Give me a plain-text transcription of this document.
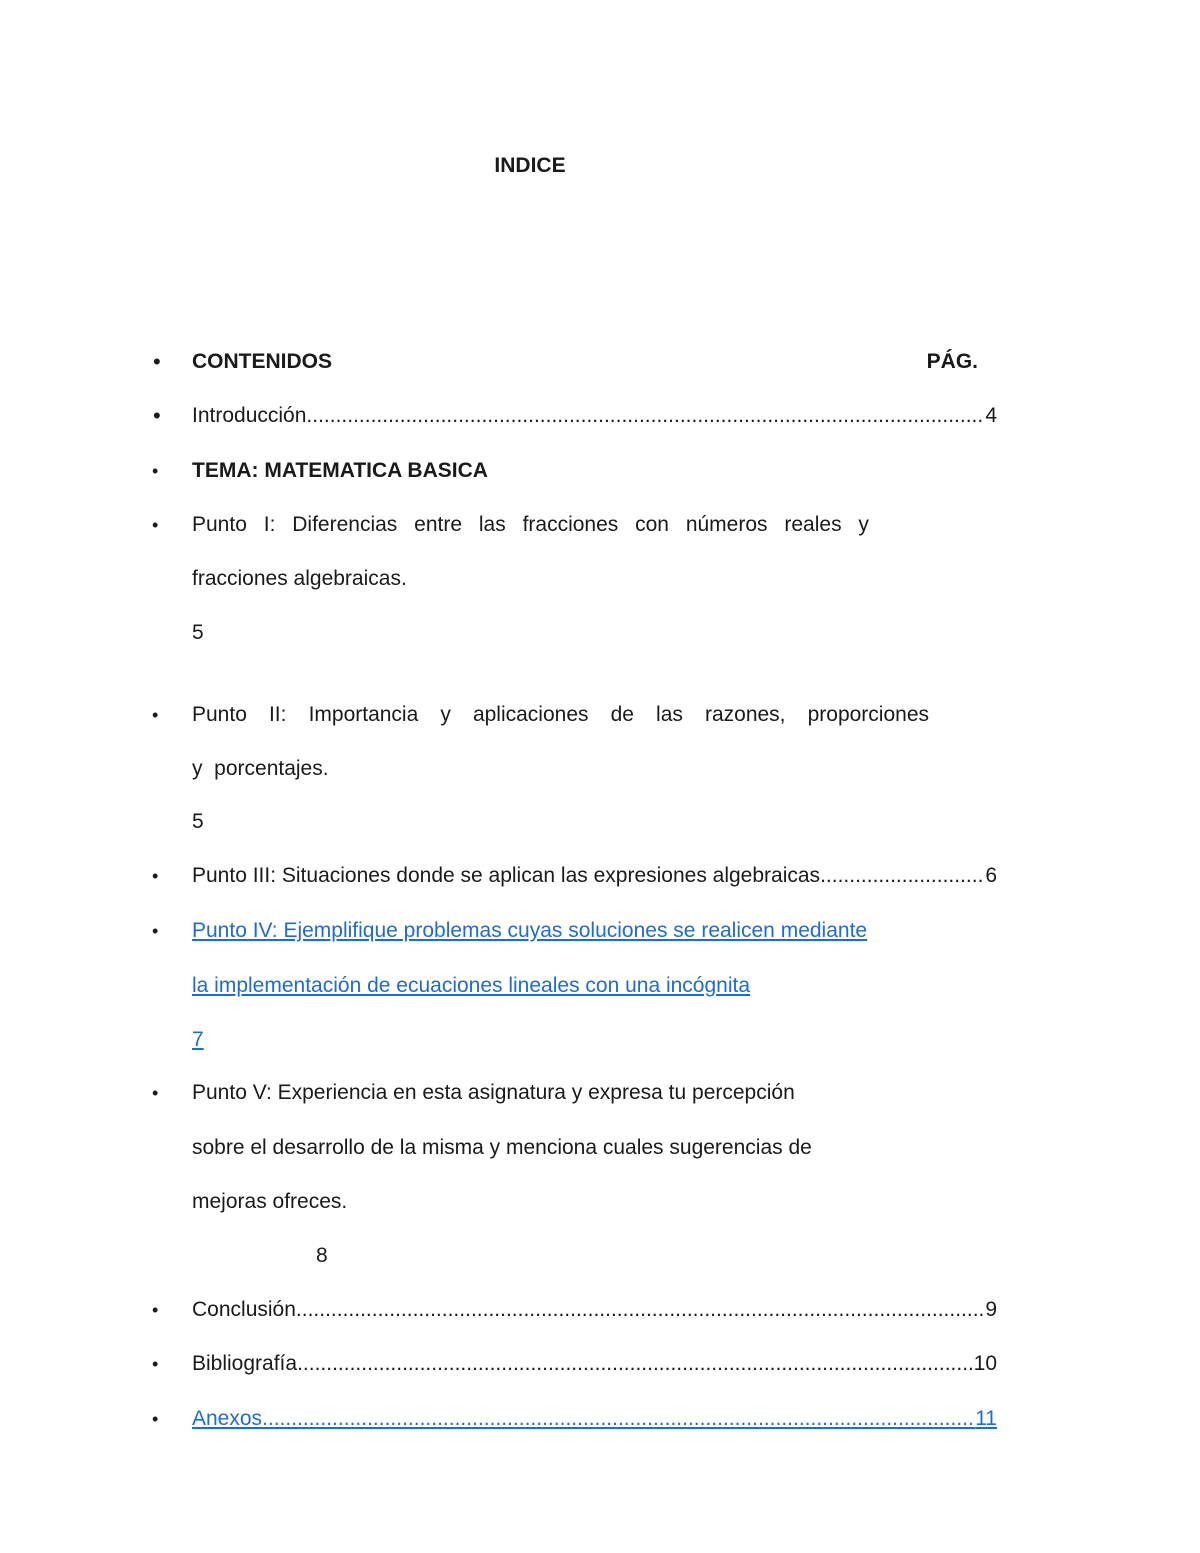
INDICE
• CONTENIDOS	PÁG.
• Introducción .....	4
• TEMA: MATEMATICA BASICA
• Punto I: Diferencias entre las fracciones con números reales y
fracciones algebraicas.
5
• Punto II: Importancia y aplicaciones de las razones, proporciones
y  porcentajes.
5
• Punto III: Situaciones donde se aplican las expresiones algebraicas .....	6
• Punto IV: Ejemplifique problemas cuyas soluciones se realicen mediante
la implementación de ecuaciones lineales con una incógnita
7
• Punto V: Experiencia en esta asignatura y expresa tu percepción
sobre el desarrollo de la misma y menciona cuales sugerencias de
mejoras ofreces.
8
• Conclusión .....	9
• Bibliografía .....	10
• Anexos .....	11
